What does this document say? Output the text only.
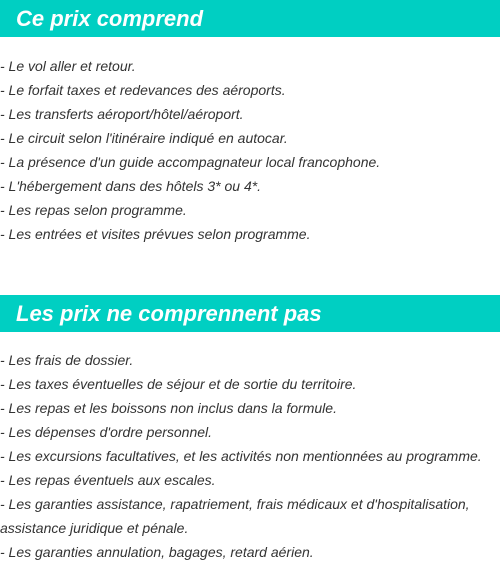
Ce prix comprend
- Le vol aller et retour.
- Le forfait taxes et redevances des aéroports.
- Les transferts aéroport/hôtel/aéroport.
- Le circuit selon l'itinéraire indiqué en autocar.
- La présence d'un guide accompagnateur local francophone.
- L'hébergement dans des hôtels 3* ou 4*.
- Les repas selon programme.
- Les entrées et visites prévues selon programme.
Les prix ne comprennent pas
- Les frais de dossier.
- Les taxes éventuelles de séjour et de sortie du territoire.
- Les repas et les boissons non inclus dans la formule.
- Les dépenses d'ordre personnel.
- Les excursions facultatives, et les activités non mentionnées au programme.
- Les repas éventuels aux escales.
- Les garanties assistance, rapatriement, frais médicaux et d'hospitalisation, assistance juridique et pénale.
- Les garanties annulation, bagages, retard aérien.
